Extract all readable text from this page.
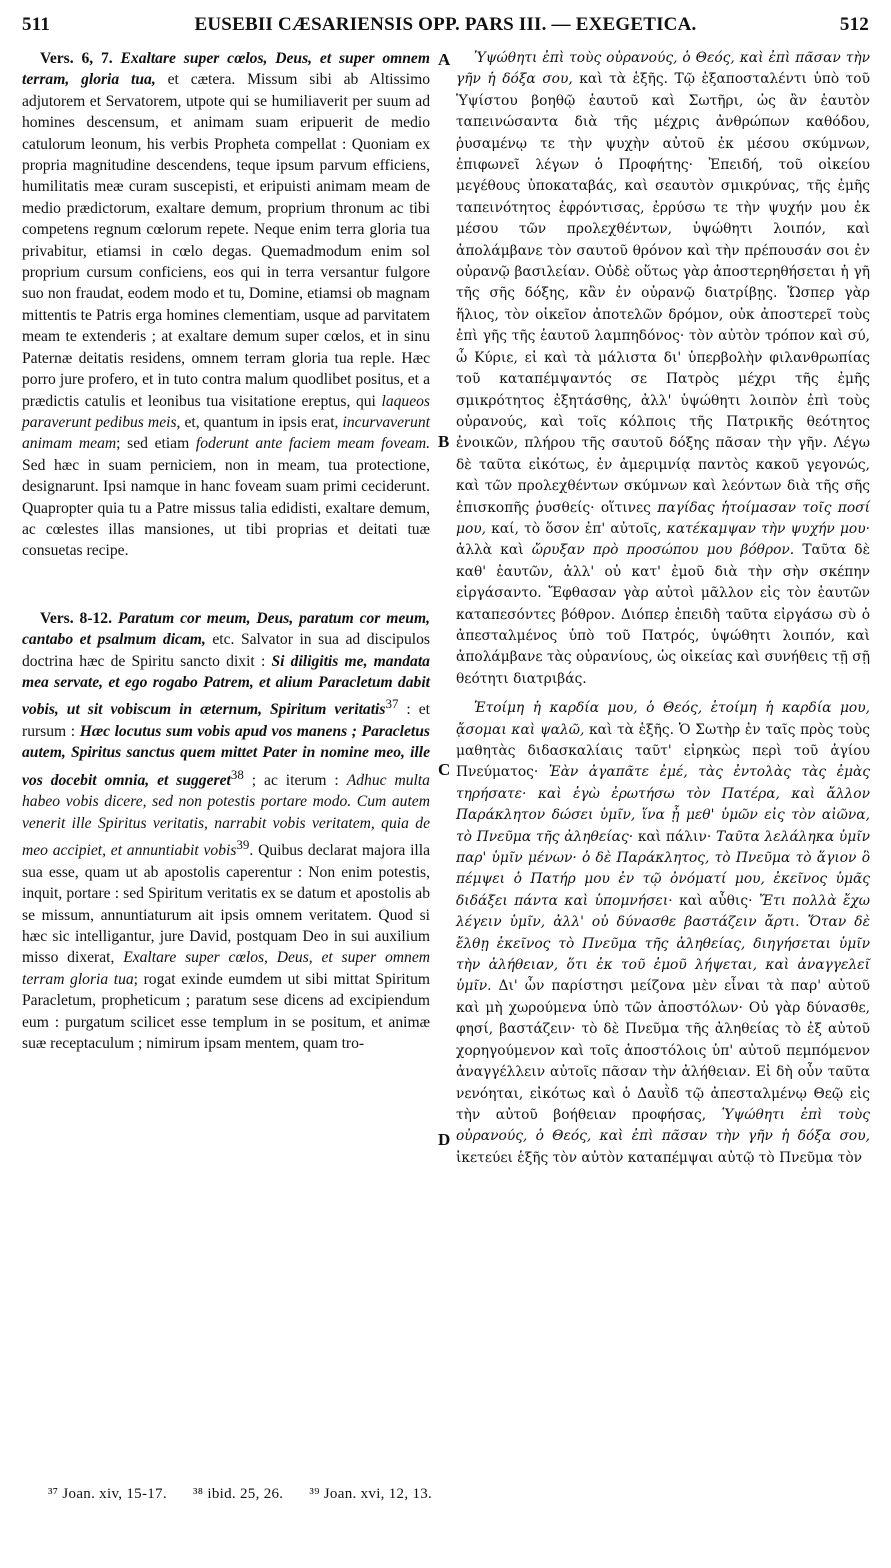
511	EUSEBII CÆSARIENSIS OPP. PARS III. — EXEGETICA.	512
A
B
C
D

Vers. 6, 7. Exaltare super cœlos, Deus, et super omnem terram, gloria tua, et cætera. Missum sibi ab Altissimo adjutorem et Servatorem, utpote qui se humiliaverit per suum ad homines descensum, et animam suam eripuerit de medio catulorum leonum, his verbis Propheta compellat : Quoniam ex propria magnitudine descendens, teque ipsum parvum efficiens, humilitatis meæ curam suscepisti, et eripuisti animam meam de medio prædictorum, exaltare demum, proprium thronum ac tibi competens regnum cœlorum repete. Neque enim terra gloria tua privabitur, etiamsi in cœlo degas. Quemadmodum enim sol proprium cursum conficiens, eos qui in terra versantur fulgore suo non fraudat, eodem modo et tu, Domine, etiamsi ob magnam mittentis te Patris erga homines clementiam, usque ad parvitatem meam te extenderis ; at exaltare demum super cœlos, et in sinu Paternæ deitatis residens, omnem terram gloria tua reple. Hæc porro jure profero, et in tuto contra malum quodlibet positus, et a prædictis catulis et leonibus tua visitatione ereptus, qui laqueos paraverunt pedibus meis, et, quantum in ipsis erat, incurvaverunt animam meam; sed etiam foderunt ante faciem meam foveam. Sed hæc in suam perniciem, non in meam, tua protectione, designarunt. Ipsi namque in hanc foveam suam primi ceciderunt. Quapropter quia tu a Patre missus talia edidisti, exaltare demum, ac cœlestes illas mansiones, ut tibi proprias et deitati tuæ consuetas recipe.

Vers. 8-12. Paratum cor meum, Deus, paratum cor meum, cantabo et psalmum dicam, etc. Salvator in sua ad discipulos doctrina hæc de Spiritu sancto dixit : Si diligitis me, mandata mea servate, et ego rogabo Patrem, et alium Paracletum dabit vobis, ut sit vobiscum in æternum, Spiritum veritatis$^{37}$ : et rursum : Hæc locutus sum vobis apud vos manens ; Paracletus autem, Spiritus sanctus quem mittet Pater in nomine meo, ille vos docebit omnia, et suggeret$^{38}$ ; ac iterum : Adhuc multa habeo vobis dicere, sed non potestis portare modo. Cum autem venerit ille Spiritus veritatis, narrabit vobis veritatem, quia de meo accipiet, et annuntiabit vobis$^{39}$. Quibus declarat majora illa sua esse, quam ut ab apostolis caperentur : Non enim potestis, inquit, portare : sed Spiritum veritatis ex se datum et apostolis ab se missum, annuntiaturum ait ipsis omnem veritatem. Quod si hæc sic intelligantur, jure David, postquam Deo in sui auxilium misso dixerat, Exaltare super cœlos, Deus, et super omnem terram gloria tua; rogat exinde eumdem ut sibi mittat Spiritum Paracletum, propheticum ; paratum sese dicens ad excipiendum eum : purgatum scilicet esse templum in se positum, et animæ suæ receptaculum ; nimirum ipsam mentem, quam tro-

Ὑψώθητι ἐπὶ τοὺς οὐρανούς, ὁ Θεός, καὶ ἐπὶ πᾶσαν τὴν γῆν ἡ δόξα σου, καὶ τὰ ἑξῆς. Τῷ ἐξαποσταλέντι ὑπὸ τοῦ Ὑψίστου βοηθῷ ἑαυτοῦ καὶ Σωτῆρι, ὡς ἂν ἑαυτὸν ταπεινώσαντα διὰ τῆς μέχρις ἀνθρώπων καθόδου, ῥυσαμένῳ τε τὴν ψυχὴν αὐτοῦ ἐκ μέσου σκύμνων, ἐπιφωνεῖ λέγων ὁ Προφήτης· Ἐπειδή, τοῦ οἰκείου μεγέθους ὑποκαταβάς, καὶ σεαυτὸν σμικρύνας, τῆς ἐμῆς ταπεινότητος ἐφρόντισας, ἐρρύσω τε τὴν ψυχήν μου ἐκ μέσου τῶν προλεχθέντων, ὑψώθητι λοιπόν, καὶ ἀπολάμβανε τὸν σαυτοῦ θρόνον καὶ τὴν πρέπουσάν σοι ἐν οὐρανῷ βασιλείαν. Οὐδὲ οὕτως γὰρ ἀποστερηθήσεται ἡ γῆ τῆς σῆς δόξης, κἂν ἐν οὐρανῷ διατρίβῃς. Ὥσπερ γὰρ ἥλιος, τὸν οἰκεῖον ἀποτελῶν δρόμον, οὐκ ἀποστερεῖ τοὺς ἐπὶ γῆς τῆς ἑαυτοῦ λαμπηδόνος· τὸν αὐτὸν τρόπον καὶ σύ, ὦ Κύριε, εἰ καὶ τὰ μάλιστα δι' ὑπερβολὴν φιλανθρωπίας τοῦ καταπέμψαντός σε Πατρὸς μέχρι τῆς ἐμῆς σμικρότητος ἐξητάσθης, ἀλλ' ὑψώθητι λοιπὸν ἐπὶ τοὺς οὐρανούς, καὶ τοῖς κόλποις τῆς Πατρικῆς θεότητος ἐνοικῶν, πλήρου τῆς σαυτοῦ δόξης πᾶσαν τὴν γῆν. Λέγω δὲ ταῦτα εἰκότως, ἐν ἀμεριμνίᾳ παντὸς κακοῦ γεγονώς, καὶ τῶν προλεχθέντων σκύμνων καὶ λεόντων διὰ τῆς σῆς ἐπισκοπῆς ῥυσθείς· οἵτινες παγίδας ἡτοίμασαν τοῖς ποσί μου, καί, τὸ ὅσον ἐπ' αὐτοῖς, κατέκαμψαν τὴν ψυχήν μου· ἀλλὰ καὶ ὤρυξαν πρὸ προσώπου μου βόθρον. Ταῦτα δὲ καθ' ἑαυτῶν, ἀλλ' οὐ κατ' ἐμοῦ διὰ τὴν σὴν σκέπην εἰργάσαντο. Ἔφθασαν γὰρ αὐτοὶ μᾶλλον εἰς τὸν ἑαυτῶν καταπεσόντες βόθρον. Διόπερ ἐπειδὴ ταῦτα εἰργάσω σὺ ὁ ἀπεσταλμένος ὑπὸ τοῦ Πατρός, ὑψώθητι λοιπόν, καὶ ἀπολάμβανε τὰς οὐρανίους, ὡς οἰκείας καὶ συνήθεις τῇ σῇ θεότητι διατριβάς.

Ἑτοίμη ἡ καρδία μου, ὁ Θεός, ἑτοίμη ἡ καρδία μου, ᾄσομαι καὶ ψαλῶ, καὶ τὰ ἑξῆς. Ὁ Σωτὴρ ἐν ταῖς πρὸς τοὺς μαθητὰς διδασκαλίαις ταῦτ' εἰρηκὼς περὶ τοῦ ἁγίου Πνεύματος· Ἐὰν ἀγαπᾶτε ἐμέ, τὰς ἐντολὰς τὰς ἐμὰς τηρήσατε· καὶ ἐγὼ ἐρωτήσω τὸν Πατέρα, καὶ ἄλλον Παράκλητον δώσει ὑμῖν, ἵνα ᾖ μεθ' ὑμῶν εἰς τὸν αἰῶνα, τὸ Πνεῦμα τῆς ἀληθείας· καὶ πάλιν· Ταῦτα λελάληκα ὑμῖν παρ' ὑμῖν μένων· ὁ δὲ Παράκλητος, τὸ Πνεῦμα τὸ ἅγιον ὃ πέμψει ὁ Πατήρ μου ἐν τῷ ὀνόματί μου, ἐκεῖνος ὑμᾶς διδάξει πάντα καὶ ὑπομνήσει· καὶ αὖθις· Ἔτι πολλὰ ἔχω λέγειν ὑμῖν, ἀλλ' οὐ δύνασθε βαστάζειν ἄρτι. Ὅταν δὲ ἔλθῃ ἐκεῖνος τὸ Πνεῦμα τῆς ἀληθείας, διηγήσεται ὑμῖν τὴν ἀλήθειαν, ὅτι ἐκ τοῦ ἐμοῦ λήψεται, καὶ ἀναγγελεῖ ὑμῖν. Δι' ὧν παρίστησι μείζονα μὲν εἶναι τὰ παρ' αὐτοῦ καὶ μὴ χωρούμενα ὑπὸ τῶν ἀποστόλων· Οὐ γὰρ δύνασθε, φησί, βαστάζειν· τὸ δὲ Πνεῦμα τῆς ἀληθείας τὸ ἐξ αὐτοῦ χορηγούμενον καὶ τοῖς ἀποστόλοις ὑπ' αὐτοῦ πεμπόμενον ἀναγγέλλειν αὐτοῖς πᾶσαν τὴν ἀλήθειαν. Εἰ δὴ οὖν ταῦτα νενόηται, εἰκότως καὶ ὁ Δαυῒδ τῷ ἀπεσταλμένῳ Θεῷ εἰς τὴν αὐτοῦ βοήθειαν προφήσας, Ὑψώθητι ἐπὶ τοὺς οὐρανούς, ὁ Θεός, καὶ ἐπὶ πᾶσαν τὴν γῆν ἡ δόξα σου, ἱκετεύει ἑξῆς τὸν αὐτὸν καταπέμψαι αὐτῷ τὸ Πνεῦμα τὸν

³⁷ Joan. xiv, 15-17. ³⁸ ibid. 25, 26. ³⁹ Joan. xvi, 12, 13.
